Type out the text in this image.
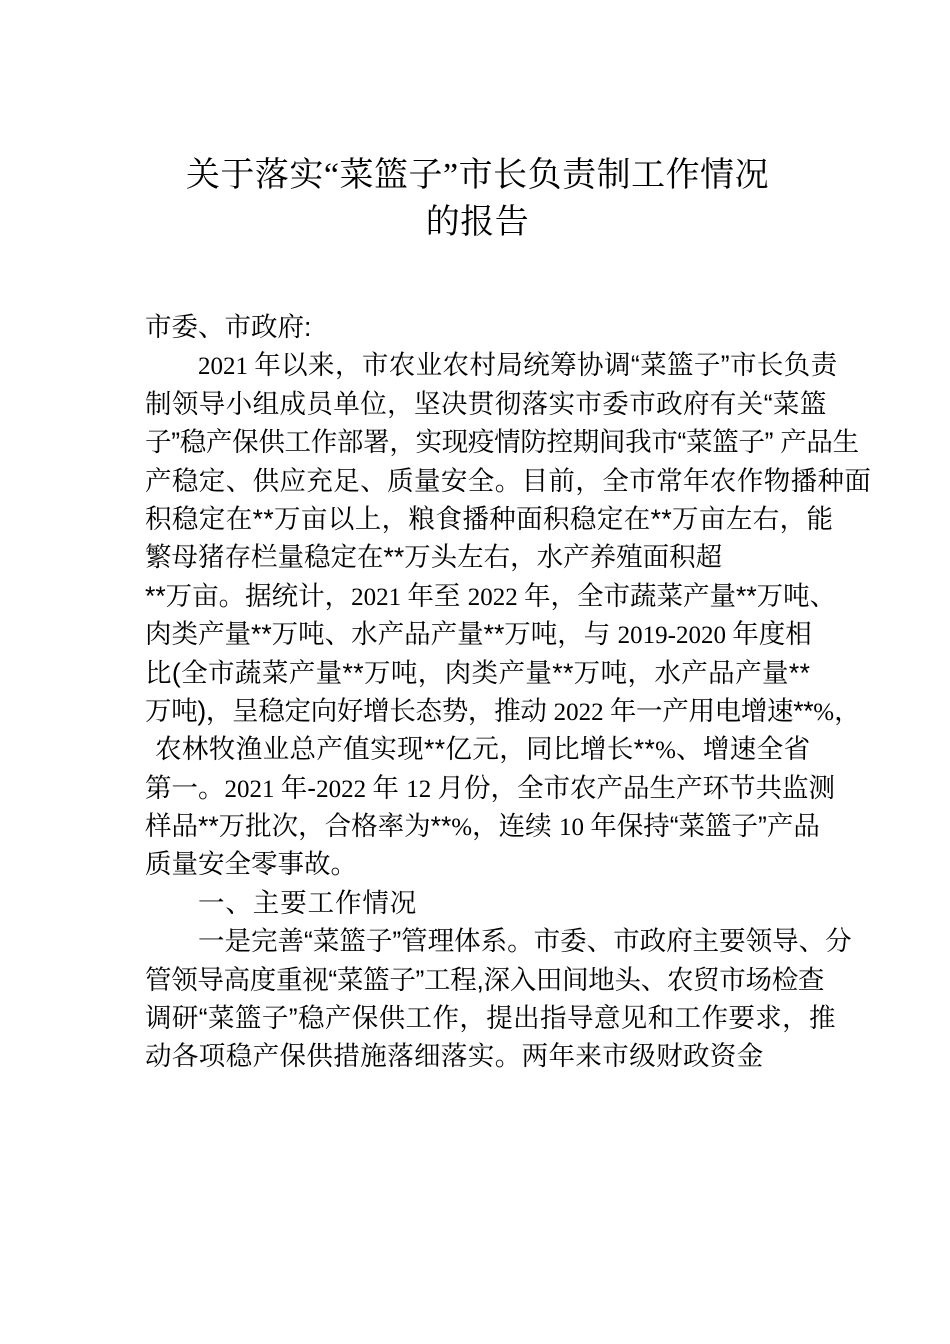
关于落实“菜篮子”市长负责制工作情况
的报告
市委、市政府:
2021 年以来，市农业农村局统筹协调“菜篮子”市长负责
制领导小组成员单位，坚决贯彻落实市委市政府有关“菜篮
子”稳产保供工作部署，实现疫情防控期间我市“菜篮子” 产品生
产稳定、供应充足、质量安全。目前，全市常年农作物播种面
积稳定在**万亩以上，粮食播种面积稳定在**万亩左右，能
繁母猪存栏量稳定在**万头左右，水产养殖面积超
**万亩。据统计，2021 年至 2022 年，全市蔬菜产量**万吨、
肉类产量**万吨、水产品产量**万吨，与 2019-2020 年度相
比(全市蔬菜产量**万吨，肉类产量**万吨，水产品产量**
万吨)，呈稳定向好增长态势，推动 2022 年一产用电增速**%，
农林牧渔业总产值实现**亿元，同比增长**%、增速全省
第一。2021 年-2022 年 12 月份，全市农产品生产环节共监测
样品**万批次，合格率为**%，连续 10 年保持“菜篮子”产品
质量安全零事故。
一、主要工作情况
一是完善“菜篮子”管理体系。市委、市政府主要领导、分
管领导高度重视“菜篮子”工程,深入田间地头、农贸市场检查
调研“菜篮子”稳产保供工作，提出指导意见和工作要求，推
动各项稳产保供措施落细落实。两年来市级财政资金
